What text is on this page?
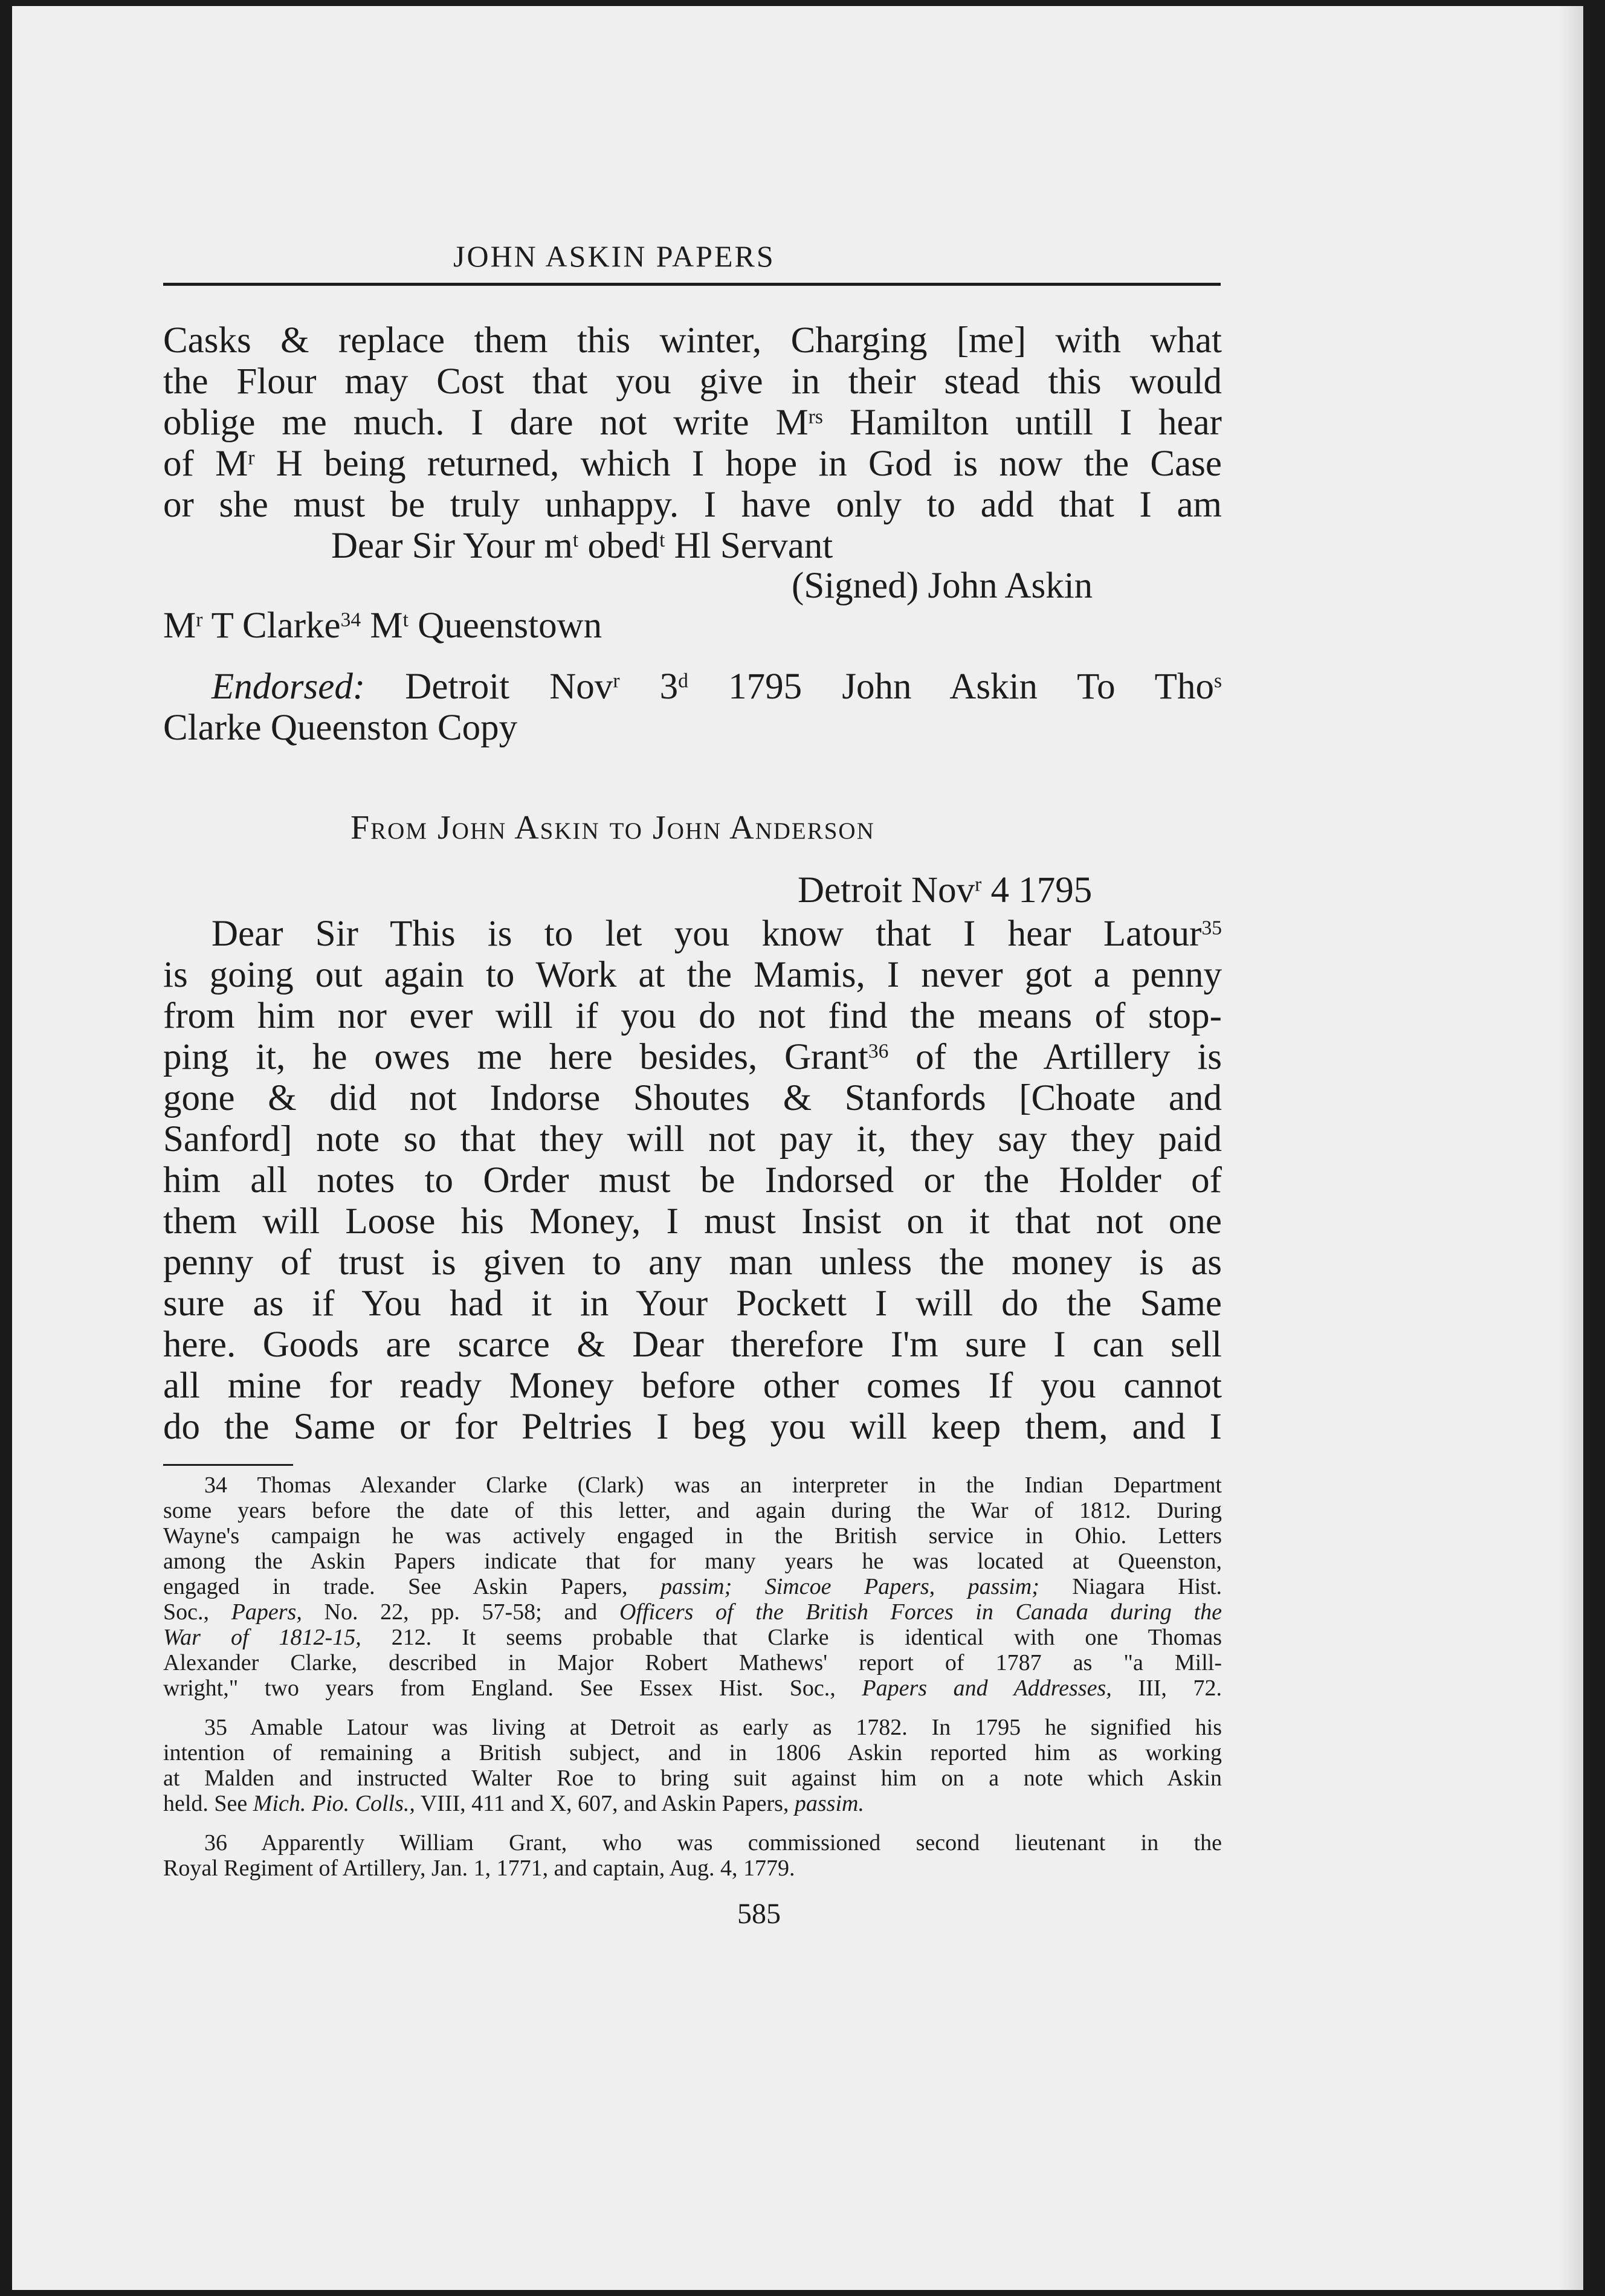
JOHN ASKIN PAPERS
Casks & replace them this winter, Charging [me] with what
the Flour may Cost that you give in their stead this would
oblige me much. I dare not write $M^{rs}$ Hamilton untill I hear
of $M^r$ H being returned, which I hope in God is now the Case
or she must be truly unhappy. I have only to add that I am
Dear Sir Your $m^t$ obed$^t$ Hl Servant
(Signed) John Askin
$M^r$ T Clarke$^{34}$ $M^t$ Queenstown
Endorsed: Detroit Nov$^r$ 3$^d$ 1795 John Askin To Tho$^s$
Clarke Queenston Copy
From John Askin to John Anderson
Detroit Nov$^r$ 4 1795
Dear Sir This is to let you know that I hear Latour$^{35}$
is going out again to Work at the Mamis, I never got a penny
from him nor ever will if you do not find the means of stop-
ping it, he owes me here besides, Grant$^{36}$ of the Artillery is
gone & did not Indorse Shoutes & Stanfords [Choate and
Sanford] note so that they will not pay it, they say they paid
him all notes to Order must be Indorsed or the Holder of
them will Loose his Money, I must Insist on it that not one
penny of trust is given to any man unless the money is as
sure as if You had it in Your Pockett I will do the Same
here. Goods are scarce & Dear therefore I'm sure I can sell
all mine for ready Money before other comes If you cannot
do the Same or for Peltries I beg you will keep them, and I
34 Thomas Alexander Clarke (Clark) was an interpreter in the Indian Department
some years before the date of this letter, and again during the War of 1812. During
Wayne's campaign he was actively engaged in the British service in Ohio. Letters
among the Askin Papers indicate that for many years he was located at Queenston,
engaged in trade. See Askin Papers, passim; Simcoe Papers, passim; Niagara Hist.
Soc., Papers, No. 22, pp. 57-58; and Officers of the British Forces in Canada during the
War of 1812-15, 212. It seems probable that Clarke is identical with one Thomas
Alexander Clarke, described in Major Robert Mathews' report of 1787 as "a Mill-
wright," two years from England. See Essex Hist. Soc., Papers and Addresses, III, 72.
35 Amable Latour was living at Detroit as early as 1782. In 1795 he signified his
intention of remaining a British subject, and in 1806 Askin reported him as working
at Malden and instructed Walter Roe to bring suit against him on a note which Askin
held. See Mich. Pio. Colls., VIII, 411 and X, 607, and Askin Papers, passim.
36 Apparently William Grant, who was commissioned second lieutenant in the
Royal Regiment of Artillery, Jan. 1, 1771, and captain, Aug. 4, 1779.
585
